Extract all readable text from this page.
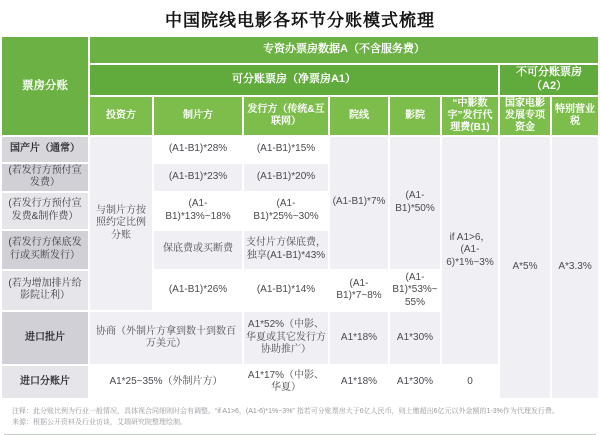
中国院线电影各环节分账模式梳理
票房分账	专资办票房数据A（不含服务费）							
	可分账票房（净票房A1）						不可分账票房（A2）	
	投资方	制片方	发行方（传统&互联网）	院线	影院	“中影数字”发行代理费(B1)	国家电影发展专项资金	特别营业税
国产片（通常）	与制片方按照约定比例分账	(A1-B1)*28%	(A1-B1)*15%	(A1-B1)*7%	(A1-B1)*50%	if A1>6，(A1-6)*1%~3%	A*5%	A*3.3%
(若发行方预付宣发费）		(A1-B1)*23%	(A1-B1)*20%					
(若发行方预付宣发费&制作费）		(A1-B1)*13%~18%	(A1-B1)*25%~30%					
(若发行方保底发行或买断发行）		保底费或买断费	支付片方保底费，独享(A1-B1)*43%					
(若为增加排片给影院让利）		(A1-B1)*26%	(A1-B1)*14%	(A1-B1)*7~8%	(A1-B1)*53%~55%			
进口批片	协商（外制片方拿到数十到数百万美元）		A1*52%（中影、华夏或其它发行方协助推广）	A1*18%	A1*30%			
进口分账片	A1*25~35%（外制片方）		A1*17%（中影、华夏）	A1*18%	A1*30%	0		
注释：此分账比例为行业一般情况，具体视合同细则时会有调整。“if A1>6，(A1-6)*1%~3%” 指若可分账票房大于6亿人民币，则上缴超出6亿元以外金额的1-3%作为代理发行费。
来源：根据公开资料及行业访谈，艾瑞研究院整理绘制。
